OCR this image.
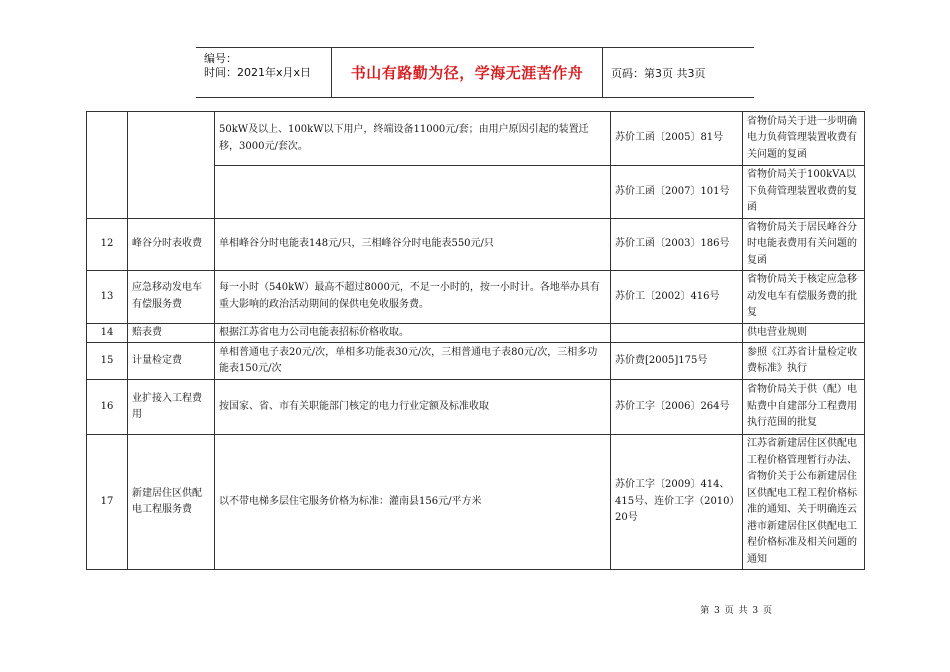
编号：
时间：2021年x月x日	书山有路勤为径，学海无涯苦作舟	页码：第3页 共3页
		50kW及以上、100kW以下用户，终端设备11000元/套；由用户原因引起的装置迁移，3000元/套次。	苏价工函〔2005〕81号	省物价局关于进一步明确电力负荷管理装置收费有关问题的复函
			苏价工函〔2007〕101号	省物价局关于100kVA以下负荷管理装置收费的复函
12	峰谷分时表收费	单相峰谷分时电能表148元/只，三相峰谷分时电能表550元/只	苏价工函〔2003〕186号	省物价局关于居民峰谷分时电能表费用有关问题的复函
13	应急移动发电车有偿服务费	每一小时（540kW）最高不超过8000元，不足一小时的，按一小时计。各地举办具有重大影响的政治活动期间的保供电免收服务费。	苏价工〔2002〕416号	省物价局关于核定应急移动发电车有偿服务费的批复
14	赔表费	根据江苏省电力公司电能表招标价格收取。		供电营业规则
15	计量检定费	单相普通电子表20元/次，单相多功能表30元/次，三相普通电子表80元/次，三相多功能表150元/次	苏价费[2005]175号	参照《江苏省计量检定收费标准》执行
16	业扩接入工程费用	按国家、省、市有关职能部门核定的电力行业定额及标准收取	苏价工字〔2006〕264号	省物价局关于供（配）电贴费中自建部分工程费用执行范围的批复
17	新建居住区供配电工程服务费	以不带电梯多层住宅服务价格为标准：灌南县156元/平方米	苏价工字〔2009〕414、415号、连价工字（2010）20号	江苏省新建居住区供配电工程价格管理暂行办法、省物价关于公布新建居住区供配电工程工程价格标准的通知、关于明确连云港市新建居住区供配电工程价格标准及相关问题的通知
第 3 页 共 3 页
